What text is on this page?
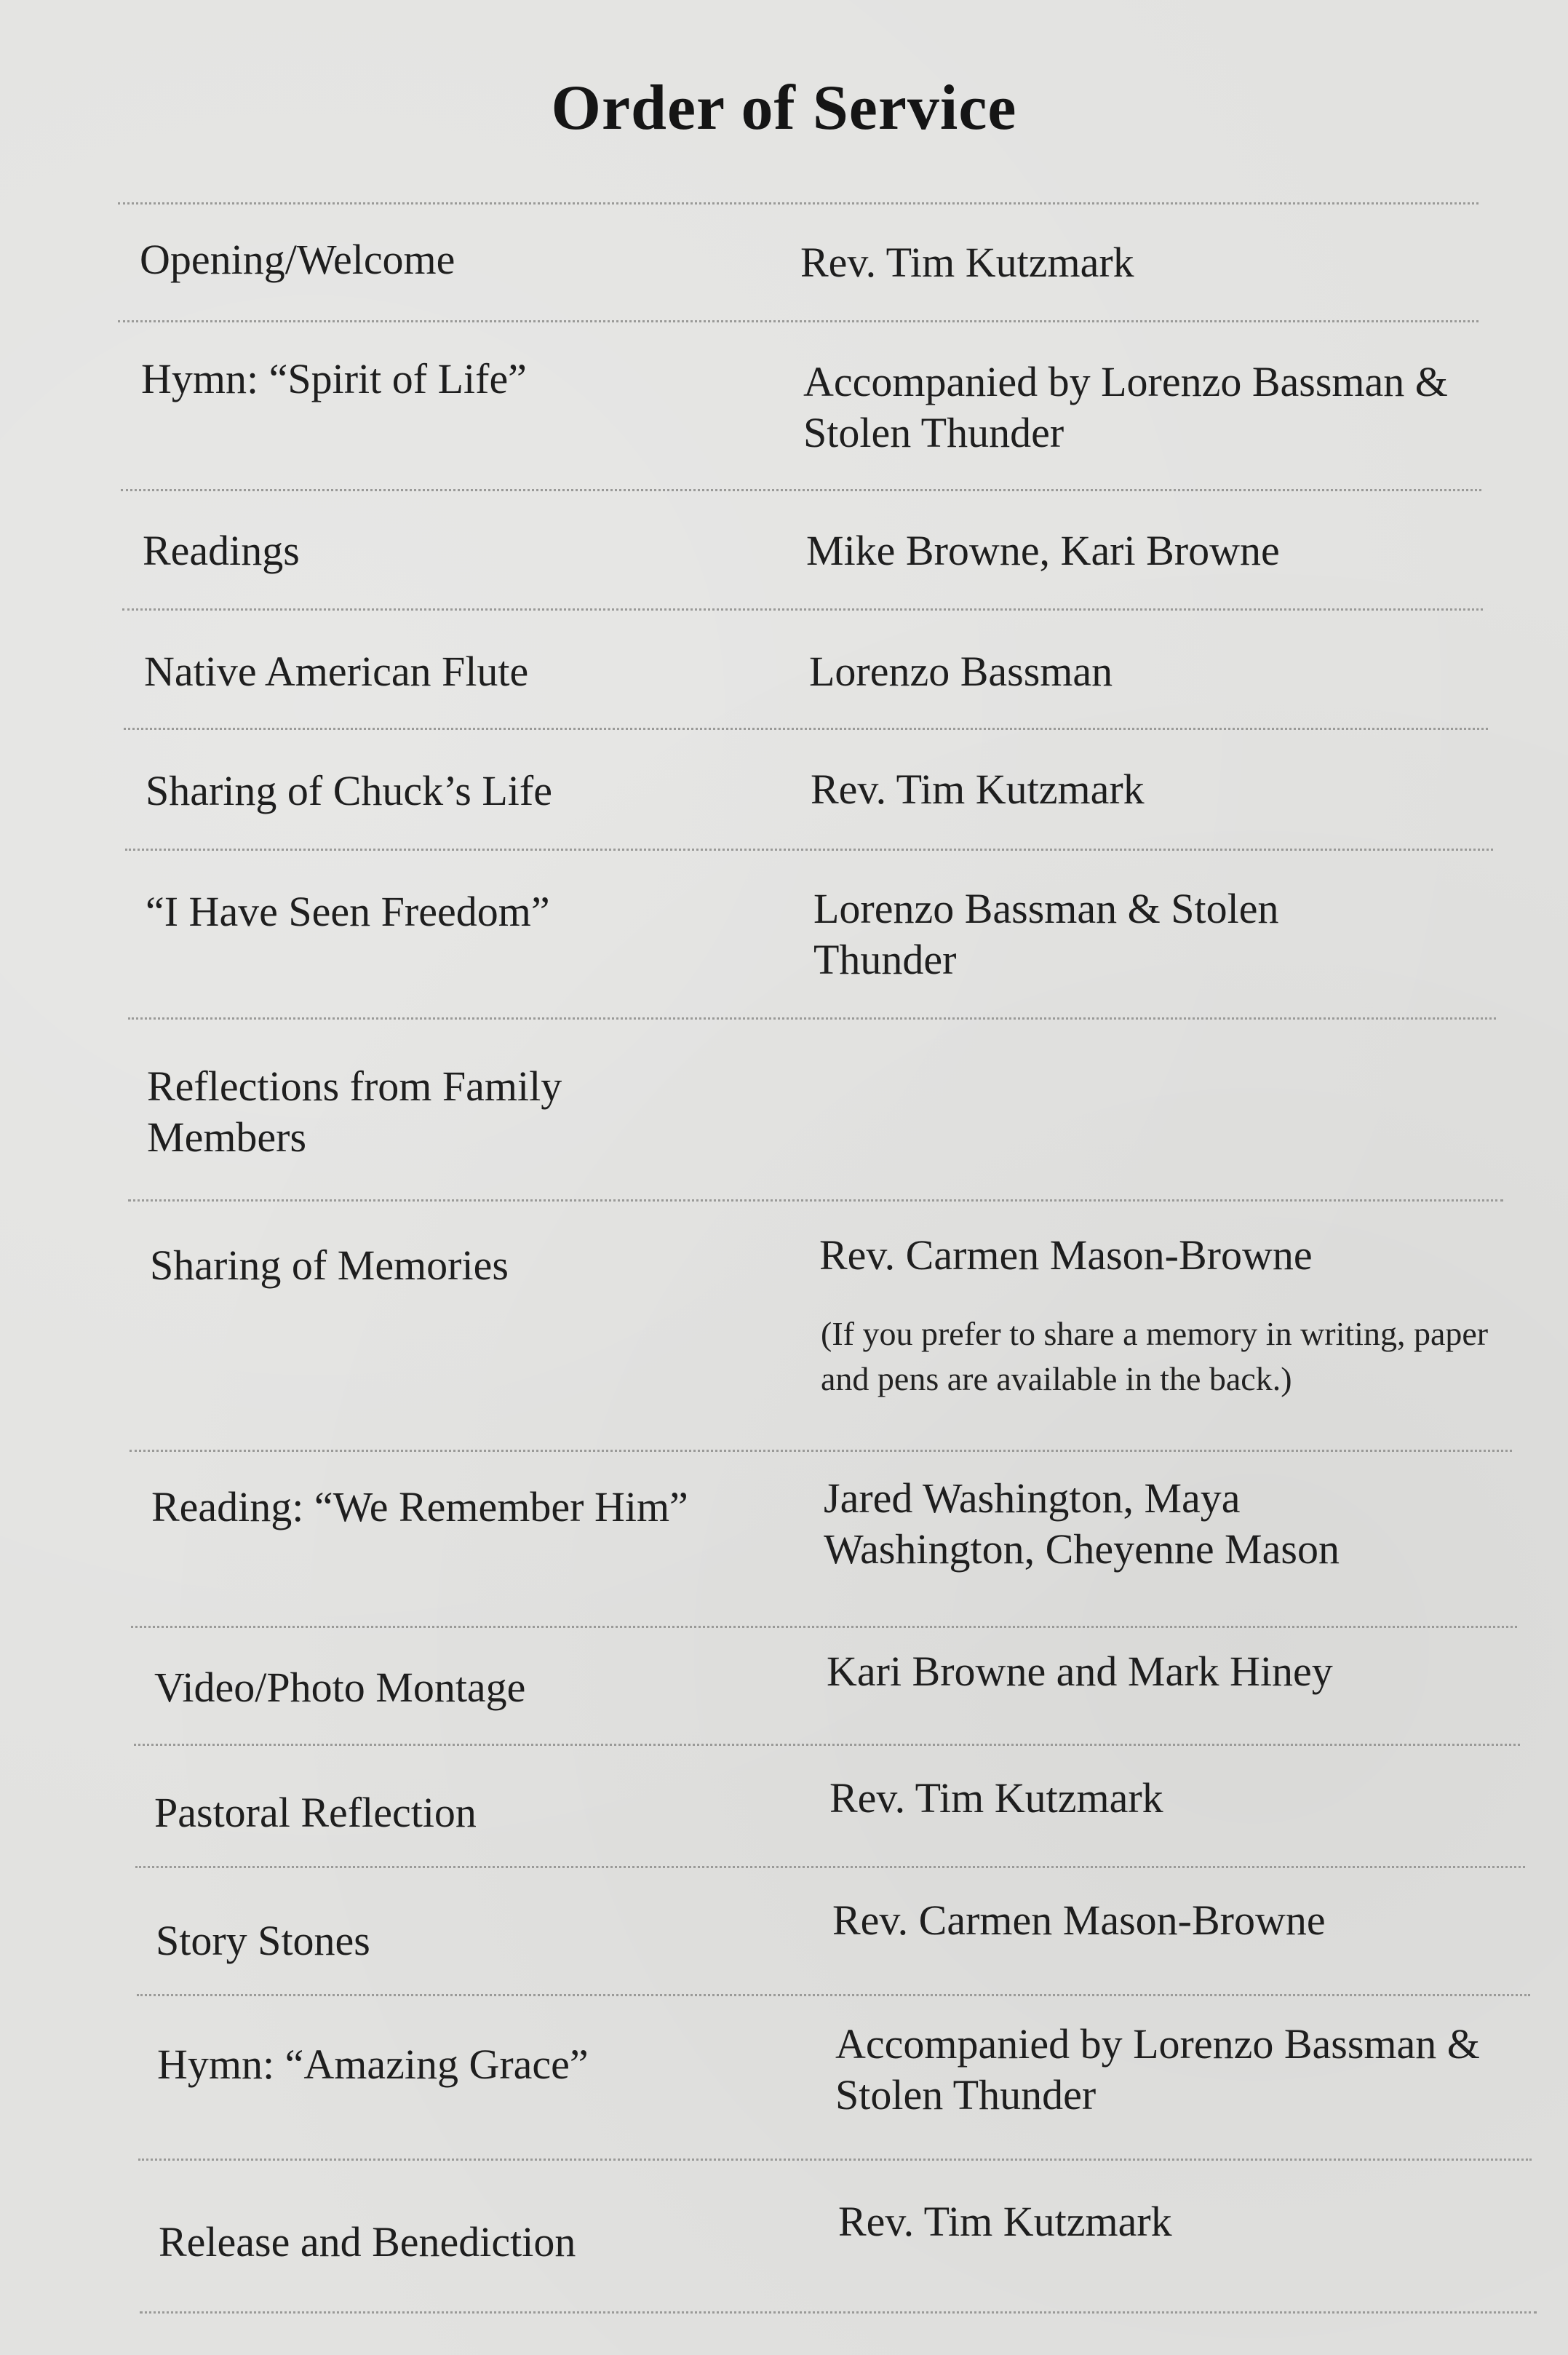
Order of Service
Opening/Welcome	Rev. Tim Kutzmark
Hymn: “Spirit of Life”	Accompanied by Lorenzo Bassman & Stolen Thunder
Readings	Mike Browne, Kari Browne
Native American Flute	Lorenzo Bassman
Sharing of Chuck’s Life	Rev. Tim Kutzmark
“I Have Seen Freedom”	Lorenzo Bassman & Stolen Thunder
Reflections from Family Members
Sharing of Memories	Rev. Carmen Mason-Browne
(If you prefer to share a memory in writing, paper and pens are available in the back.)
Reading: “We Remember Him”	Jared Washington, Maya Washington, Cheyenne Mason
Video/Photo Montage	Kari Browne and Mark Hiney
Pastoral Reflection	Rev. Tim Kutzmark
Story Stones	Rev. Carmen Mason-Browne
Hymn: “Amazing Grace”	Accompanied by Lorenzo Bassman & Stolen Thunder
Release and Benediction	Rev. Tim Kutzmark
